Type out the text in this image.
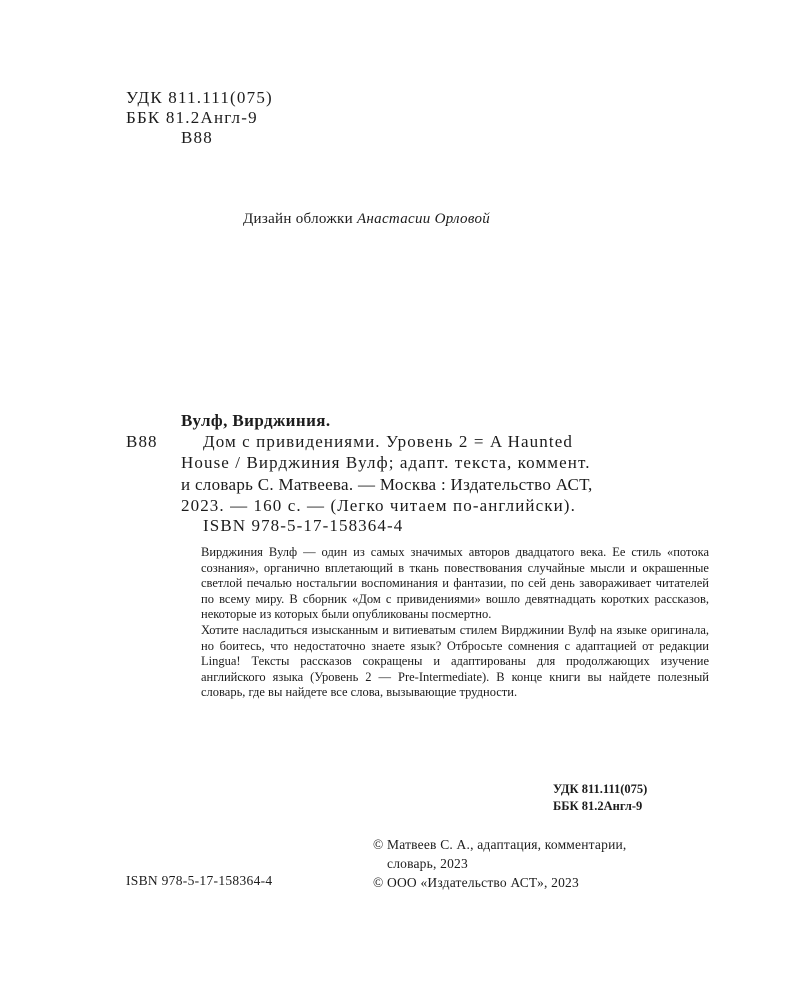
УДК 811.111(075)
ББК 81.2Англ-9
В88
Дизайн обложки Анастасии Орловой
Вулф, Вирджиния.
В88	Дом с привидениями. Уровень 2 = A Haunted
House / Вирджиния Вулф; адапт. текста, коммент.
и словарь С. Матвеева. — Москва : Издательство АСТ,
2023. — 160 с. — (Легко читаем по-английски).
ISBN 978-5-17-158364-4

Вирджиния Вулф — один из самых значимых авторов двадцатого века. Ее стиль «потока сознания», органично вплетающий в ткань повествования случайные мысли и окрашенные светлой печалью ностальгии воспоминания и фантазии, по сей день завораживает читателей по всему миру. В сборник «Дом с привидениями» вошло девятнадцать коротких рассказов, некоторые из которых были опубликованы посмертно.

Хотите насладиться изысканным и витиеватым стилем Вирджинии Вулф на языке оригинала, но боитесь, что недостаточно знаете язык? Отбросьте сомнения с адаптацией от редакции Lingua! Тексты рассказов сокращены и адаптированы для продолжающих изучение английского языка (Уровень 2 — Pre-Intermediate). В конце книги вы найдете полезный словарь, где вы найдете все слова, вызывающие трудности.

УДК 811.111(075)
ББК 81.2Англ-9
© Матвеев С. А., адаптация, комментарии,
словарь, 2023
© ООО «Издательство АСТ», 2023
ISBN 978-5-17-158364-4
